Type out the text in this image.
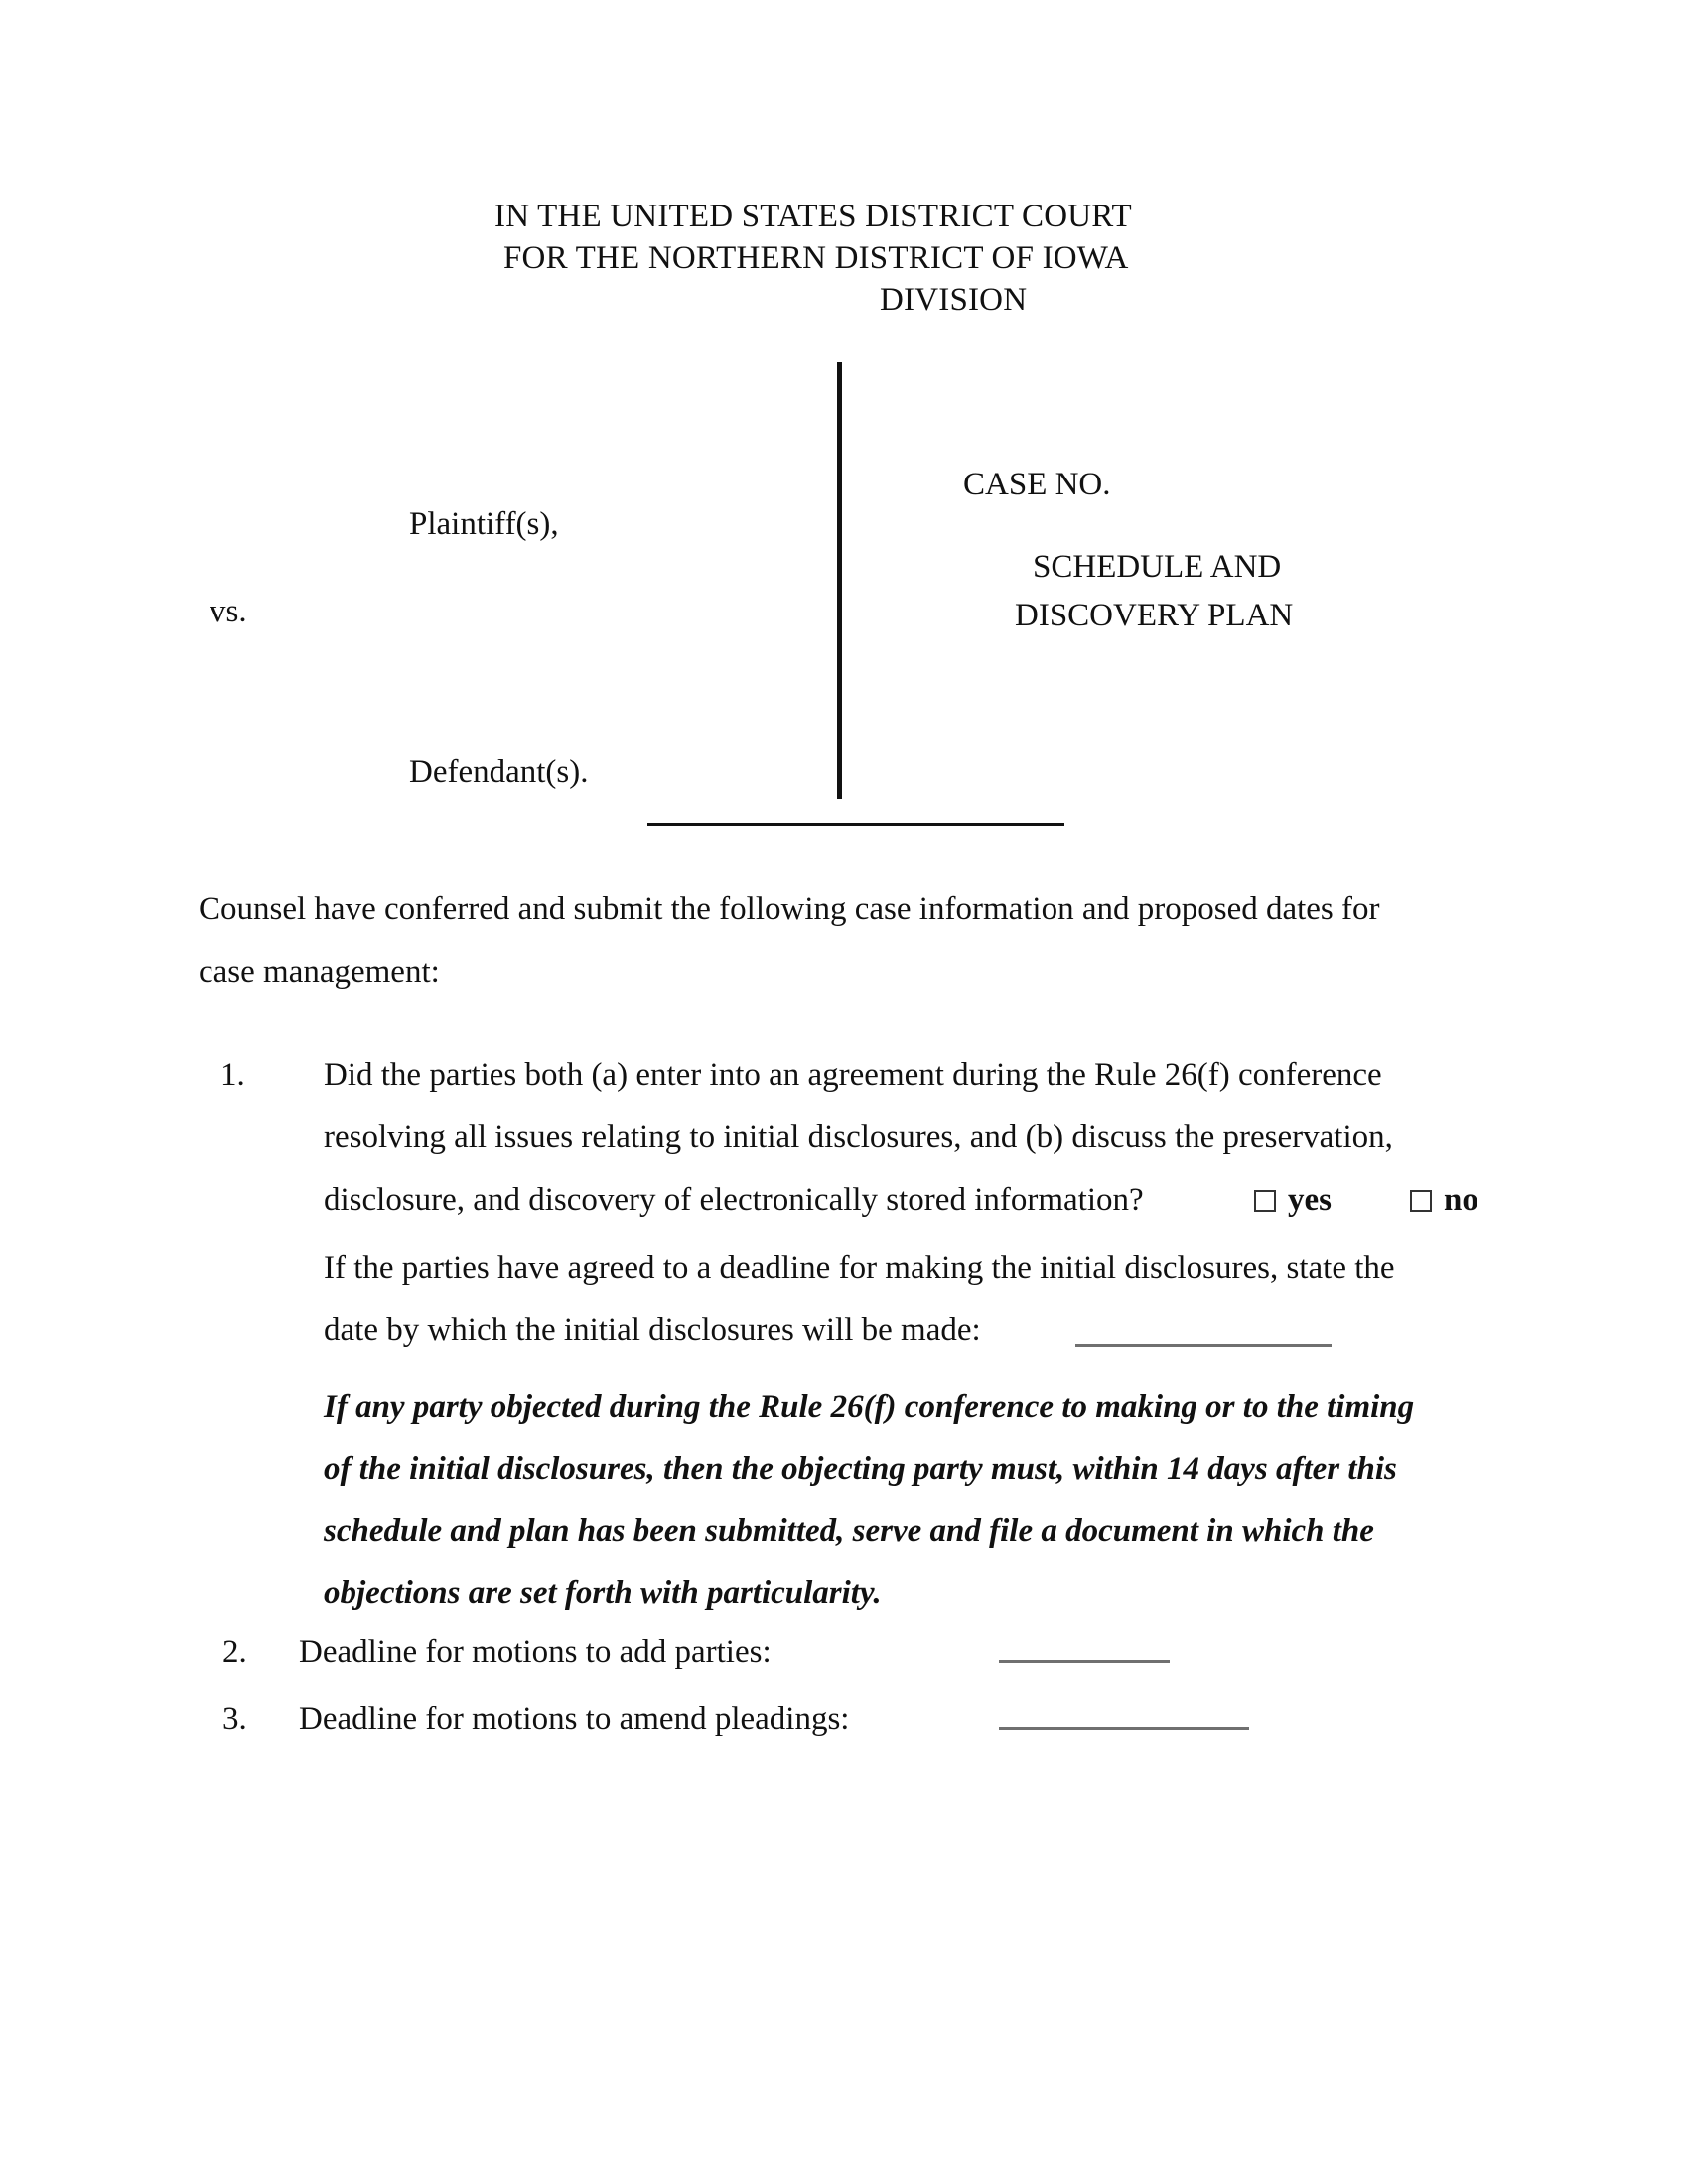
IN THE UNITED STATES DISTRICT COURT
FOR THE NORTHERN DISTRICT OF IOWA
DIVISION
Plaintiff(s),
vs.
Defendant(s).
CASE NO.
SCHEDULE AND
DISCOVERY PLAN
Counsel have conferred and submit the following case information and proposed dates for
case management:
1. Did the parties both (a) enter into an agreement during the Rule 26(f) conference
resolving all issues relating to initial disclosures, and (b) discuss the preservation,
disclosure, and discovery of electronically stored information?	yes	no
If the parties have agreed to a deadline for making the initial disclosures, state the
date by which the initial disclosures will be made:
If any party objected during the Rule 26(f) conference to making or to the timing
of the initial disclosures, then the objecting party must, within 14 days after this
schedule and plan has been submitted, serve and file a document in which the
objections are set forth with particularity.
2. Deadline for motions to add parties:
3. Deadline for motions to amend pleadings:
